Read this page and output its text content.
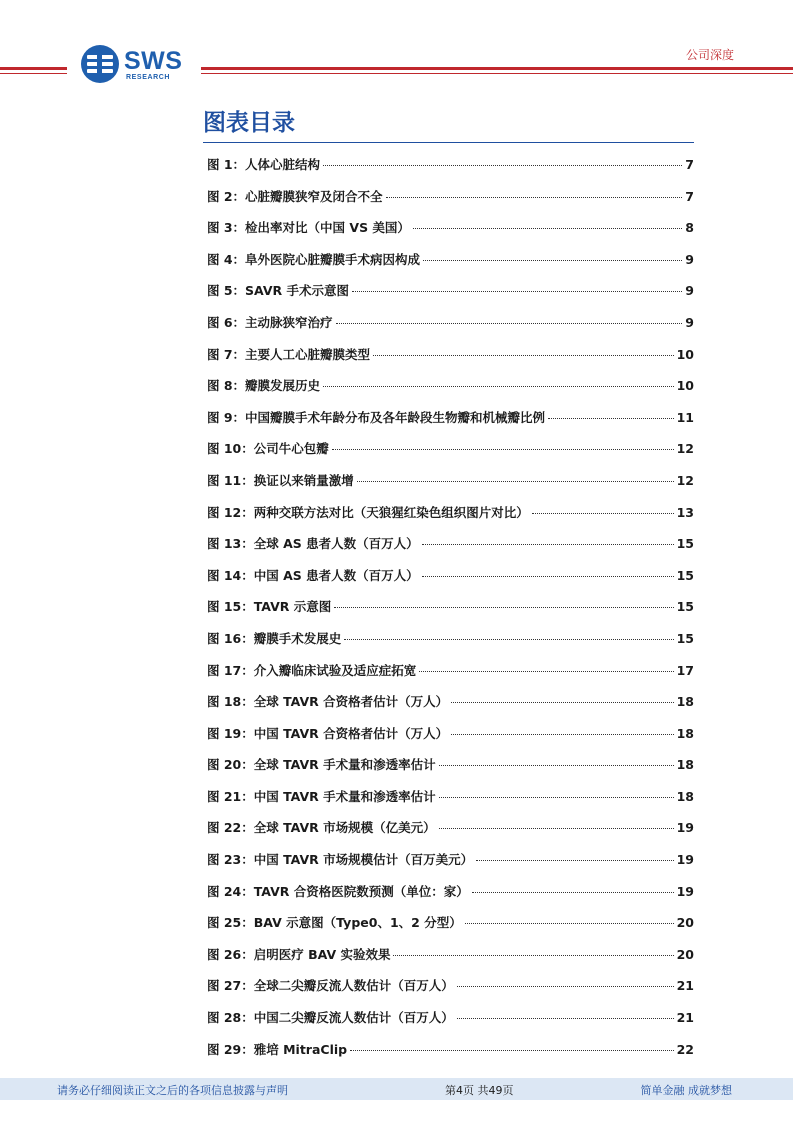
SWS
RESEARCH
公司深度
图表目录
图 1：人体心脏结构	7
图 2：心脏瓣膜狭窄及闭合不全	7
图 3：检出率对比（中国 VS 美国）	8
图 4：阜外医院心脏瓣膜手术病因构成	9
图 5：SAVR 手术示意图	9
图 6：主动脉狭窄治疗	9
图 7：主要人工心脏瓣膜类型	10
图 8：瓣膜发展历史	10
图 9：中国瓣膜手术年龄分布及各年龄段生物瓣和机械瓣比例	11
图 10：公司牛心包瓣	12
图 11：换证以来销量激增	12
图 12：两种交联方法对比（天狼猩红染色组织图片对比）	13
图 13：全球 AS 患者人数（百万人）	15
图 14：中国 AS 患者人数（百万人）	15
图 15：TAVR 示意图	15
图 16：瓣膜手术发展史	15
图 17：介入瓣临床试验及适应症拓宽	17
图 18：全球 TAVR 合资格者估计（万人）	18
图 19：中国 TAVR 合资格者估计（万人）	18
图 20：全球 TAVR 手术量和渗透率估计	18
图 21：中国 TAVR 手术量和渗透率估计	18
图 22：全球 TAVR 市场规模（亿美元）	19
图 23：中国 TAVR 市场规模估计（百万美元）	19
图 24：TAVR 合资格医院数预测（单位：家）	19
图 25：BAV 示意图（Type0、1、2 分型）	20
图 26：启明医疗 BAV 实验效果	20
图 27：全球二尖瓣反流人数估计（百万人）	21
图 28：中国二尖瓣反流人数估计（百万人）	21
图 29：雅培 MitraClip	22
请务必仔细阅读正文之后的各项信息披露与声明	第4页 共49页	简单金融 成就梦想
